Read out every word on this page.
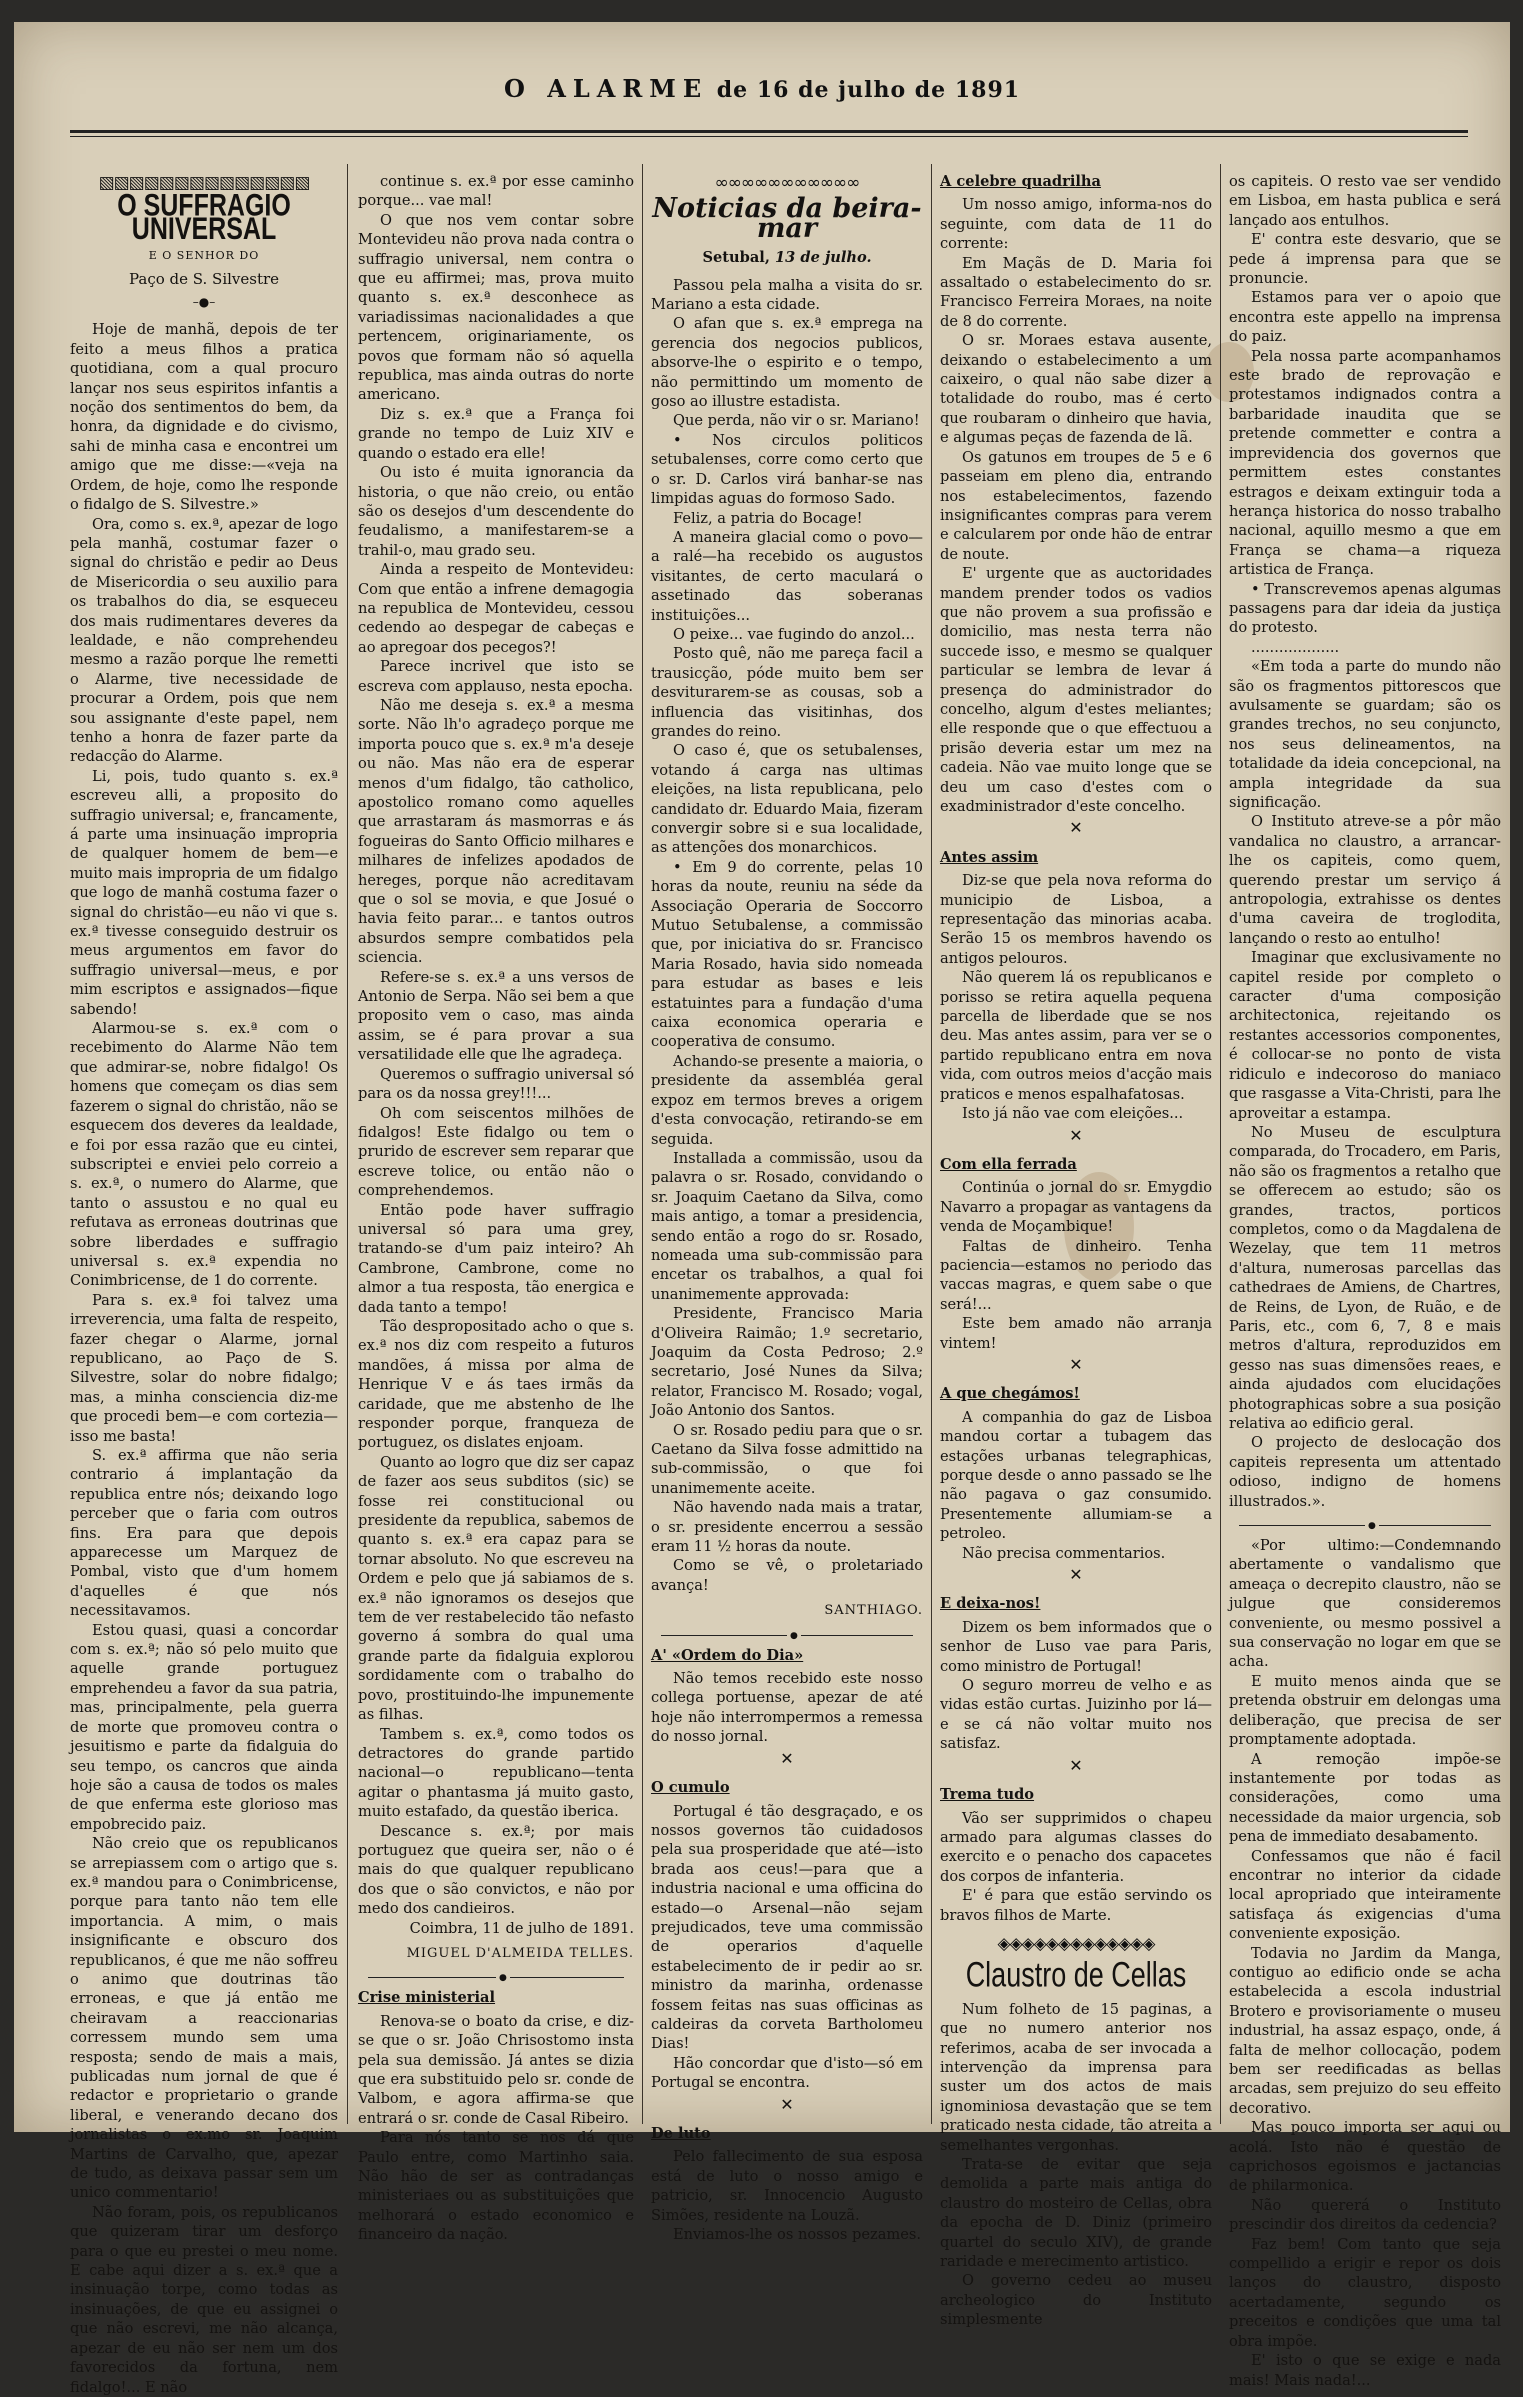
O ALARME de 16 de julho de 1891
▧▧▧▧▧▧▧▧▧▧▧▧▧▧
O SUFFRAGIO UNIVERSAL
E O SENHOR DO
Paço de S. Silvestre
–●–

Hoje de manhã, depois de ter feito a meus filhos a pratica quotidiana, com a qual procuro lançar nos seus espiritos infantis a noção dos sentimentos do bem, da honra, da dignidade e do civismo, sahi de minha casa e encontrei um amigo que me disse:—«veja na Ordem, de hoje, como lhe responde o fidalgo de S. Silvestre.»

Ora, como s. ex.ª, apezar de logo pela manhã, costumar fazer o signal do christão e pedir ao Deus de Misericordia o seu auxilio para os trabalhos do dia, se esqueceu dos mais rudimentares deveres da lealdade, e não comprehendeu mesmo a razão porque lhe remetti o Alarme, tive necessidade de procurar a Ordem, pois que nem sou assignante d'este papel, nem tenho a honra de fazer parte da redacção do Alarme.

Li, pois, tudo quanto s. ex.ª escreveu alli, a proposito do suffragio universal; e, francamente, á parte uma insinuação impropria de qualquer homem de bem—e muito mais impropria de um fidalgo que logo de manhã costuma fazer o signal do christão—eu não vi que s. ex.ª tivesse conseguido destruir os meus argumentos em favor do suffragio universal—meus, e por mim escriptos e assignados—fique sabendo!

Alarmou-se s. ex.ª com o recebimento do Alarme Não tem que admirar-se, nobre fidalgo! Os homens que começam os dias sem fazerem o signal do christão, não se esquecem dos deveres da lealdade, e foi por essa razão que eu cintei, subscriptei e enviei pelo correio a s. ex.ª, o numero do Alarme, que tanto o assustou e no qual eu refutava as erroneas doutrinas que sobre liberdades e suffragio universal s. ex.ª expendia no Conimbricense, de 1 do corrente.

Para s. ex.ª foi talvez uma irreverencia, uma falta de respeito, fazer chegar o Alarme, jornal republicano, ao Paço de S. Silvestre, solar do nobre fidalgo; mas, a minha consciencia diz-me que procedi bem—e com cortezia—isso me basta!

S. ex.ª affirma que não seria contrario á implantação da republica entre nós; deixando logo perceber que o faria com outros fins. Era para que depois apparecesse um Marquez de Pombal, visto que d'um homem d'aquelles é que nós necessitavamos.

Estou quasi, quasi a concordar com s. ex.ª; não só pelo muito que aquelle grande portuguez emprehendeu a favor da sua patria, mas, principalmente, pela guerra de morte que promoveu contra o jesuitismo e parte da fidalguia do seu tempo, os cancros que ainda hoje são a causa de todos os males de que enferma este glorioso mas empobrecido paiz.

Não creio que os republicanos se arrepiassem com o artigo que s. ex.ª mandou para o Conimbricense, porque para tanto não tem elle importancia. A mim, o mais insignificante e obscuro dos republicanos, é que me não soffreu o animo que doutrinas tão erroneas, e que já então me cheiravam a reaccionarias corressem mundo sem uma resposta; sendo de mais a mais, publicadas num jornal de que é redactor e proprietario o grande liberal, e venerando decano dos jornalistas o ex.mo sr. Joaquim Martins de Carvalho, que, apezar de tudo, as deixava passar sem um unico commentario!

Não foram, pois, os republicanos que quizeram tirar um desforço para o que eu prestei o meu nome. E cabe aqui dizer a s. ex.ª que a insinuação torpe, como todas as insinuações, de que eu assignei o que não escrevi, me não alcança, apezar de eu não ser nem um dos favorecidos da fortuna, nem fidalgo!... E não

continue s. ex.ª por esse caminho porque... vae mal!

O que nos vem contar sobre Montevideu não prova nada contra o suffragio universal, nem contra o que eu affirmei; mas, prova muito quanto s. ex.ª desconhece as variadissimas nacionalidades a que pertencem, originariamente, os povos que formam não só aquella republica, mas ainda outras do norte americano.

Diz s. ex.ª que a França foi grande no tempo de Luiz XIV e quando o estado era elle!

Ou isto é muita ignorancia da historia, o que não creio, ou então são os desejos d'um descendente do feudalismo, a manifestarem-se a trahil-o, mau grado seu.

Ainda a respeito de Montevideu: Com que então a infrene demagogia na republica de Montevideu, cessou cedendo ao despegar de cabeças e ao apregoar dos pecegos?!

Parece incrivel que isto se escreva com applauso, nesta epocha.

Não me deseja s. ex.ª a mesma sorte. Não lh'o agradeço porque me importa pouco que s. ex.ª m'a deseje ou não. Mas não era de esperar menos d'um fidalgo, tão catholico, apostolico romano como aquelles que arrastaram ás masmorras e ás fogueiras do Santo Officio milhares e milhares de infelizes apodados de hereges, porque não acreditavam que o sol se movia, e que Josué o havia feito parar... e tantos outros absurdos sempre combatidos pela sciencia.

Refere-se s. ex.ª a uns versos de Antonio de Serpa. Não sei bem a que proposito vem o caso, mas ainda assim, se é para provar a sua versatilidade elle que lhe agradeça.

Queremos o suffragio universal só para os da nossa grey!!!...

Oh com seiscentos milhões de fidalgos! Este fidalgo ou tem o prurido de escrever sem reparar que escreve tolice, ou então não o comprehendemos.

Então pode haver suffragio universal só para uma grey, tratando-se d'um paiz inteiro? Ah Cambrone, Cambrone, come no almor a tua resposta, tão energica e dada tanto a tempo!

Tão despropositado acho o que s. ex.ª nos diz com respeito a futuros mandões, á missa por alma de Henrique V e ás taes irmãs da caridade, que me abstenho de lhe responder porque, franqueza de portuguez, os dislates enjoam.

Quanto ao logro que diz ser capaz de fazer aos seus subditos (sic) se fosse rei constitucional ou presidente da republica, sabemos de quanto s. ex.ª era capaz para se tornar absoluto. No que escreveu na Ordem e pelo que já sabiamos de s. ex.ª não ignoramos os desejos que tem de ver restabelecido tão nefasto governo á sombra do qual uma grande parte da fidalguia explorou sordidamente com o trabalho do povo, prostituindo-lhe impunemente as filhas.

Tambem s. ex.ª, como todos os detractores do grande partido nacional—o republicano—tenta agitar o phantasma já muito gasto, muito estafado, da questão iberica.

Descance s. ex.ª; por mais portuguez que queira ser, não o é mais do que qualquer republicano dos que o são convictos, e não por medo dos candieiros.

Coimbra, 11 de julho de 1891.

MIGUEL D'ALMEIDA TELLES.
●
Crise ministerial

Renova-se o boato da crise, e diz-se que o sr. João Chrisostomo insta pela sua demissão. Já antes se dizia que era substituido pelo sr. conde de Valbom, e agora affirma-se que entrará o sr. conde de Casal Ribeiro.

Para nós tanto se nos dá que Paulo entre, como Martinho saia. Não hão de ser as contradanças ministeriaes ou as substituições que melhorará o estado economico e financeiro da nação.

∞∞∞∞∞∞∞∞∞∞∞
Noticias da beira-mar
Setubal, 13 de julho.

Passou pela malha a visita do sr. Mariano a esta cidade.

O afan que s. ex.ª emprega na gerencia dos negocios publicos, absorve-lhe o espirito e o tempo, não permittindo um momento de goso ao illustre estadista.

Que perda, não vir o sr. Mariano!

• Nos circulos politicos setubalenses, corre como certo que o sr. D. Carlos virá banhar-se nas limpidas aguas do formoso Sado.

Feliz, a patria do Bocage!

A maneira glacial como o povo—a ralé—ha recebido os augustos visitantes, de certo maculará o assetinado das soberanas instituições...

O peixe... vae fugindo do anzol...

Posto quê, não me pareça facil a trausicção, póde muito bem ser desviturarem-se as cousas, sob a influencia das visitinhas, dos grandes do reino.

O caso é, que os setubalenses, votando á carga nas ultimas eleições, na lista republicana, pelo candidato dr. Eduardo Maia, fizeram convergir sobre si e sua localidade, as attenções dos monarchicos.

• Em 9 do corrente, pelas 10 horas da noute, reuniu na séde da Associação Operaria de Soccorro Mutuo Setubalense, a commissão que, por iniciativa do sr. Francisco Maria Rosado, havia sido nomeada para estudar as bases e leis estatuintes para a fundação d'uma caixa economica operaria e cooperativa de consumo.

Achando-se presente a maioria, o presidente da assembléa geral expoz em termos breves a origem d'esta convocação, retirando-se em seguida.

Installada a commissão, usou da palavra o sr. Rosado, convidando o sr. Joaquim Caetano da Silva, como mais antigo, a tomar a presidencia, sendo então a rogo do sr. Rosado, nomeada uma sub-commissão para encetar os trabalhos, a qual foi unanimemente approvada:

Presidente, Francisco Maria d'Oliveira Raimão; 1.º secretario, Joaquim da Costa Pedroso; 2.º secretario, José Nunes da Silva; relator, Francisco M. Rosado; vogal, João Antonio dos Santos.

O sr. Rosado pediu para que o sr. Caetano da Silva fosse admittido na sub-commissão, o que foi unanimemente aceite.

Não havendo nada mais a tratar, o sr. presidente encerrou a sessão eram 11 ½ horas da noute.

Como se vê, o proletariado avança!

SANTHIAGO.
●
A' «Ordem do Dia»

Não temos recebido este nosso collega portuense, apezar de até hoje não interrompermos a remessa do nosso jornal.

✕
O cumulo

Portugal é tão desgraçado, e os nossos governos tão cuidadosos pela sua prosperidade que até—isto brada aos ceus!—para que a industria nacional e uma officina do estado—o Arsenal—não sejam prejudicados, teve uma commissão de operarios d'aquelle estabelecimento de ir pedir ao sr. ministro da marinha, ordenasse fossem feitas nas suas officinas as caldeiras da corveta Bartholomeu Dias!

Hão concordar que d'isto—só em Portugal se encontra.

✕
De luto

Pelo fallecimento de sua esposa está de luto o nosso amigo e patricio, sr. Innocencio Augusto Simões, residente na Louzã.

Enviamos-lhe os nossos pezames.

A celebre quadrilha

Um nosso amigo, informa-nos do seguinte, com data de 11 do corrente:

Em Maçãs de D. Maria foi assaltado o estabelecimento do sr. Francisco Ferreira Moraes, na noite de 8 do corrente.

O sr. Moraes estava ausente, deixando o estabelecimento a um caixeiro, o qual não sabe dizer a totalidade do roubo, mas é certo que roubaram o dinheiro que havia, e algumas peças de fazenda de lã.

Os gatunos em troupes de 5 e 6 passeiam em pleno dia, entrando nos estabelecimentos, fazendo insignificantes compras para verem e calcularem por onde hão de entrar de noute.

E' urgente que as auctoridades mandem prender todos os vadios que não provem a sua profissão e domicilio, mas nesta terra não succede isso, e mesmo se qualquer particular se lembra de levar á presença do administrador do concelho, algum d'estes meliantes; elle responde que o que effectuou a prisão deveria estar um mez na cadeia. Não vae muito longe que se deu um caso d'estes com o exadministrador d'este concelho.

✕
Antes assim

Diz-se que pela nova reforma do municipio de Lisboa, a representação das minorias acaba. Serão 15 os membros havendo os antigos pelouros.

Não querem lá os republicanos e porisso se retira aquella pequena parcella de liberdade que se nos deu. Mas antes assim, para ver se o partido republicano entra em nova vida, com outros meios d'acção mais praticos e menos espalhafatosas.

Isto já não vae com eleições...

✕
Com ella ferrada

Continúa o jornal do sr. Emygdio Navarro a propagar as vantagens da venda de Moçambique!

Faltas de dinheiro. Tenha paciencia—estamos no periodo das vaccas magras, e quem sabe o que será!...

Este bem amado não arranja vintem!

✕
A que chegámos!

A companhia do gaz de Lisboa mandou cortar a tubagem das estações urbanas telegraphicas, porque desde o anno passado se lhe não pagava o gaz consumido. Presentemente allumiam-se a petroleo.

Não precisa commentarios.

✕
E deixa-nos!

Dizem os bem informados que o senhor de Luso vae para Paris, como ministro de Portugal!

O seguro morreu de velho e as vidas estão curtas. Juizinho por lá—e se cá não voltar muito nos satisfaz.

✕
Trema tudo

Vão ser supprimidos o chapeu armado para algumas classes do exercito e o penacho dos capacetes dos corpos de infanteria.

E' é para que estão servindo os bravos filhos de Marte.

◈◈◈◈◈◈◈◈◈◈◈◈◈
Claustro de Cellas

Num folheto de 15 paginas, a que no numero anterior nos referimos, acaba de ser invocada a intervenção da imprensa para suster um dos actos de mais ignominiosa devastação que se tem praticado nesta cidade, tão atreita a semelhantes vergonhas.

Trata-se de evitar que seja demolida a parte mais antiga do claustro do mosteiro de Cellas, obra da epocha de D. Diniz (primeiro quartel do seculo XIV), de grande raridade e merecimento artistico.

O governo cedeu ao museu archeologico do Instituto simplesmente

os capiteis. O resto vae ser vendido em Lisboa, em hasta publica e será lançado aos entulhos.

E' contra este desvario, que se pede á imprensa para que se pronuncie.

Estamos para ver o apoio que encontra este appello na imprensa do paiz.

Pela nossa parte acompanhamos este brado de reprovação e protestamos indignados contra a barbaridade inaudita que se pretende commetter e contra a imprevidencia dos governos que permittem estes constantes estragos e deixam extinguir toda a herança historica do nosso trabalho nacional, aquillo mesmo a que em França se chama—a riqueza artistica de França.

• Transcrevemos apenas algumas passagens para dar ideia da justiça do protesto.

...................

«Em toda a parte do mundo não são os fragmentos pittorescos que avulsamente se guardam; são os grandes trechos, no seu conjuncto, nos seus delineamentos, na totalidade da ideia concepcional, na ampla integridade da sua significação.

O Instituto atreve-se a pôr mão vandalica no claustro, a arrancar-lhe os capiteis, como quem, querendo prestar um serviço á antropologia, extrahisse os dentes d'uma caveira de troglodita, lançando o resto ao entulho!

Imaginar que exclusivamente no capitel reside por completo o caracter d'uma composição architectonica, rejeitando os restantes accessorios componentes, é collocar-se no ponto de vista ridiculo e indecoroso do maniaco que rasgasse a Vita-Christi, para lhe aproveitar a estampa.

No Museu de esculptura comparada, do Trocadero, em Paris, não são os fragmentos a retalho que se offerecem ao estudo; são os grandes, tractos, porticos completos, como o da Magdalena de Wezelay, que tem 11 metros d'altura, numerosas parcellas das cathedraes de Amiens, de Chartres, de Reins, de Lyon, de Ruão, e de Paris, etc., com 6, 7, 8 e mais metros d'altura, reproduzidos em gesso nas suas dimensões reaes, e ainda ajudados com elucidações photographicas sobre a sua posição relativa ao edificio geral.

O projecto de deslocação dos capiteis representa um attentado odioso, indigno de homens illustrados.».

●

«Por ultimo:—Condemnando abertamente o vandalismo que ameaça o decrepito claustro, não se julgue que consideremos conveniente, ou mesmo possivel a sua conservação no logar em que se acha.

E muito menos ainda que se pretenda obstruir em delongas uma deliberação, que precisa de ser promptamente adoptada.

A remoção impõe-se instantemente por todas as considerações, como uma necessidade da maior urgencia, sob pena de immediato desabamento.

Confessamos que não é facil encontrar no interior da cidade local apropriado que inteiramente satisfaça ás exigencias d'uma conveniente exposição.

Todavia no Jardim da Manga, contiguo ao edificio onde se acha estabelecida a escola industrial Brotero e provisoriamente o museu industrial, ha assaz espaço, onde, á falta de melhor collocação, podem bem ser reedificadas as bellas arcadas, sem prejuizo do seu effeito decorativo.

Mas pouco importa ser aqui ou acolá. Isto não é questão de caprichosos egoismos e jactancias de philarmonica.

Não quererá o Instituto prescindir dos direitos da cedencia?

Faz bem! Com tanto que seja compellido a erigir e repor os dois lanços do claustro, disposto acertadamente, segundo os preceitos e condições que uma tal obra impõe.

E' isto o que se exige e nada mais! Mais nada!...
